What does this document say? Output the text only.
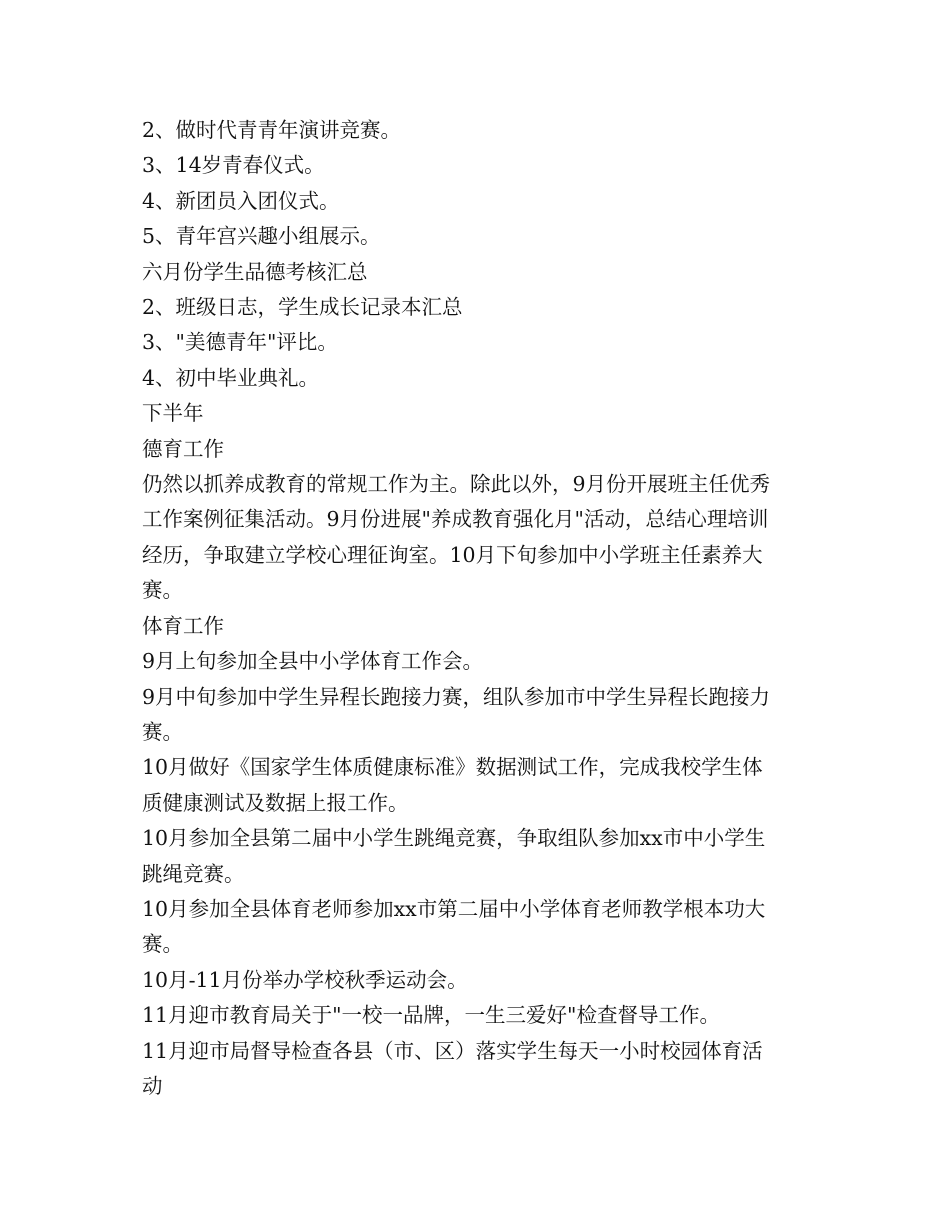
2、做时代青青年演讲竞赛。

3、14岁青春仪式。

4、新团员入团仪式。

5、青年宫兴趣小组展示。

六月份学生品德考核汇总

2、班级日志，学生成长记录本汇总

3、"美德青年"评比。

4、初中毕业典礼。

下半年

德育工作

仍然以抓养成教育的常规工作为主。除此以外，9月份开展班主任优秀

工作案例征集活动。9月份进展"养成教育强化月"活动，总结心理培训

经历，争取建立学校心理征询室。10月下旬参加中小学班主任素养大

赛。

体育工作

9月上旬参加全县中小学体育工作会。

9月中旬参加中学生异程长跑接力赛，组队参加市中学生异程长跑接力

赛。

10月做好《国家学生体质健康标准》数据测试工作，完成我校学生体

质健康测试及数据上报工作。

10月参加全县第二届中小学生跳绳竞赛，争取组队参加xx市中小学生

跳绳竞赛。

10月参加全县体育老师参加xx市第二届中小学体育老师教学根本功大

赛。

10月-11月份举办学校秋季运动会。

11月迎市教育局关于"一校一品牌，一生三爱好"检查督导工作。

11月迎市局督导检查各县（市、区）落实学生每天一小时校园体育活

动
